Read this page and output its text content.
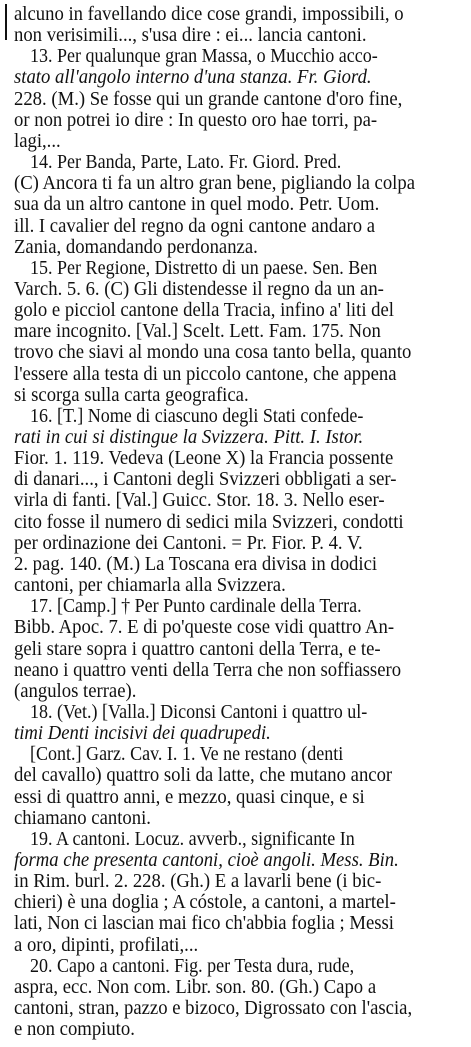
alcuno in favellando dice cose grandi, impossibili, o
non verisimili..., s'usa dire : ei... lancia cantoni.
13. Per qualunque gran Massa, o Mucchio acco-
stato all'angolo interno d'una stanza. Fr. Giord.
228. (M.) Se fosse qui un grande cantone d'oro fine,
or non potrei io dire : In questo oro hae torri, pa-
lagi,...
14. Per Banda, Parte, Lato. Fr. Giord. Pred.
(C) Ancora ti fa un altro gran bene, pigliando la colpa
sua da un altro cantone in quel modo. Petr. Uom.
ill. I cavalier del regno da ogni cantone andaro a
Zania, domandando perdonanza.
15. Per Regione, Distretto di un paese. Sen. Ben
Varch. 5. 6. (C) Gli distendesse il regno da un an-
golo e picciol cantone della Tracia, infino a' liti del
mare incognito. [Val.] Scelt. Lett. Fam. 175. Non
trovo che siavi al mondo una cosa tanto bella, quanto
l'essere alla testa di un piccolo cantone, che appena
si scorga sulla carta geografica.
16. [T.] Nome di ciascuno degli Stati confede-
rati in cui si distingue la Svizzera. Pitt. I. Istor.
Fior. 1. 119. Vedeva (Leone X) la Francia possente
di danari..., i Cantoni degli Svizzeri obbligati a ser-
virla di fanti. [Val.] Guicc. Stor. 18. 3. Nello eser-
cito fosse il numero di sedici mila Svizzeri, condotti
per ordinazione dei Cantoni. = Pr. Fior. P. 4. V.
2. pag. 140. (M.) La Toscana era divisa in dodici
cantoni, per chiamarla alla Svizzera.
17. [Camp.] † Per Punto cardinale della Terra.
Bibb. Apoc. 7. E di po'queste cose vidi quattro An-
geli stare sopra i quattro cantoni della Terra, e te-
neano i quattro venti della Terra che non soffiassero
(angulos terrae).
18. (Vet.) [Valla.] Diconsi Cantoni i quattro ul-
timi Denti incisivi dei quadrupedi.
[Cont.] Garz. Cav. I. 1. Ve ne restano (denti
del cavallo) quattro soli da latte, che mutano ancor
essi di quattro anni, e mezzo, quasi cinque, e si
chiamano cantoni.
19. A cantoni. Locuz. avverb., significante In
forma che presenta cantoni, cioè angoli. Mess. Bin.
in Rim. burl. 2. 228. (Gh.) E a lavarli bene (i bic-
chieri) è una doglia ; A cóstole, a cantoni, a martel-
lati, Non ci lascian mai fico ch'abbia foglia ; Messi
a oro, dipinti, profilati,...
20. Capo a cantoni. Fig. per Testa dura, rude,
aspra, ecc. Non com. Libr. son. 80. (Gh.) Capo a
cantoni, stran, pazzo e bizoco, Digrossato con l'ascia,
e non compiuto.
